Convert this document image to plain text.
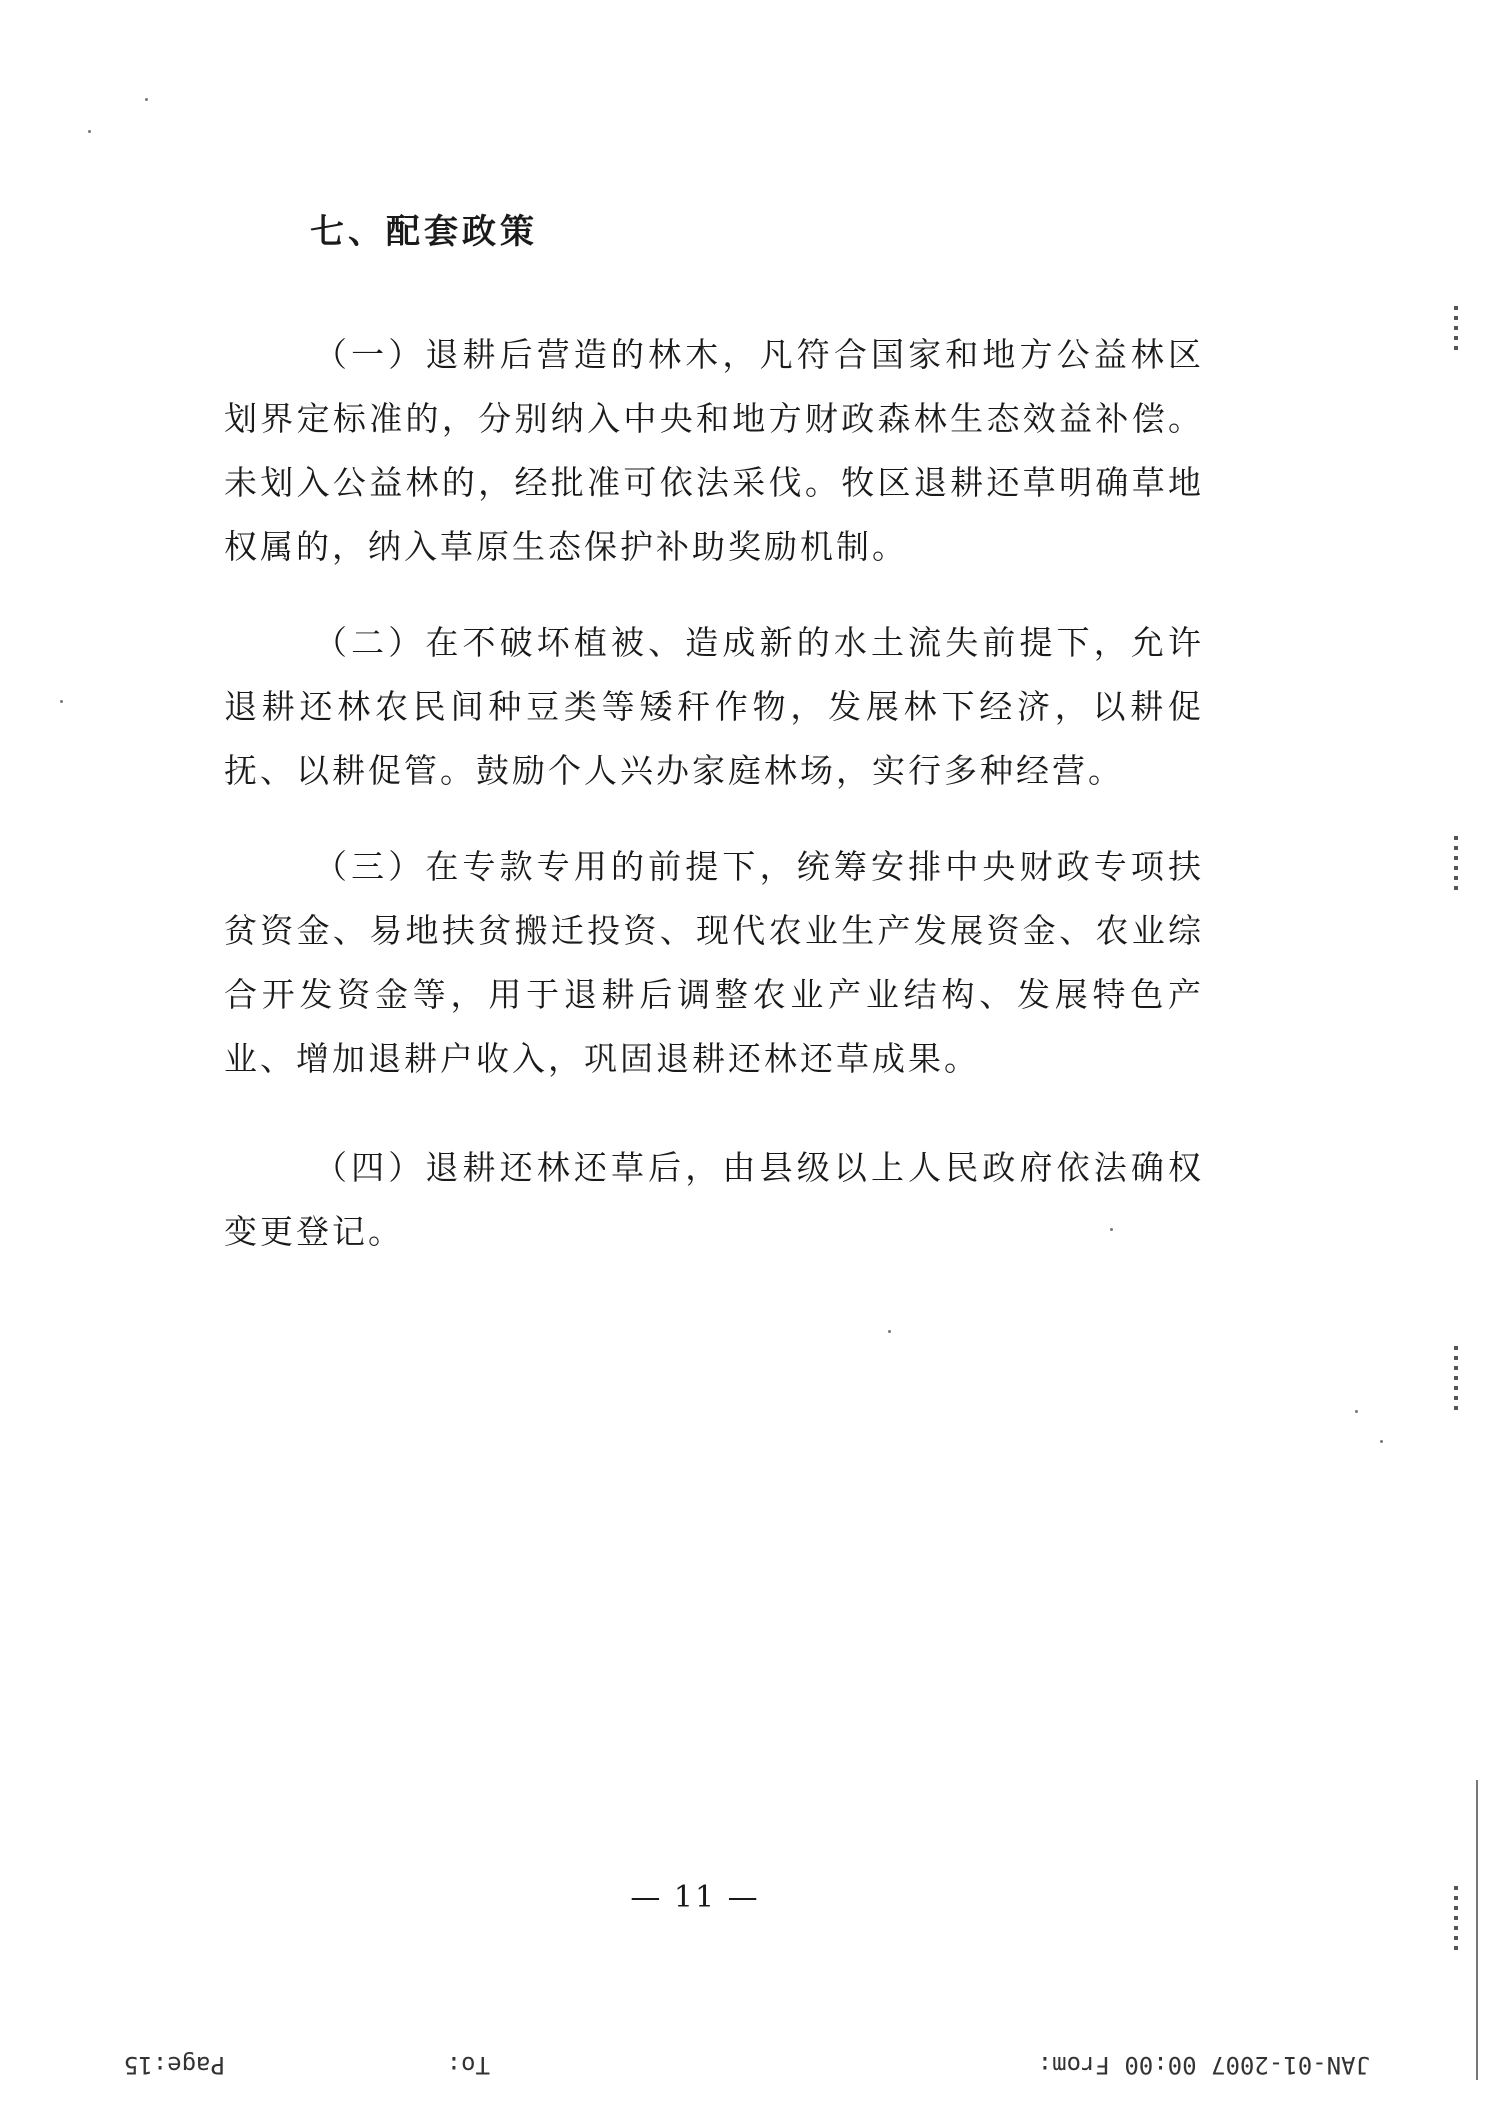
七、配套政策

（一）退耕后营造的林木，凡符合国家和地方公益林区划界定标准的，分别纳入中央和地方财政森林生态效益补偿。未划入公益林的，经批准可依法采伐。牧区退耕还草明确草地权属的，纳入草原生态保护补助奖励机制。

（二）在不破坏植被、造成新的水土流失前提下，允许退耕还林农民间种豆类等矮秆作物，发展林下经济，以耕促抚、以耕促管。鼓励个人兴办家庭林场，实行多种经营。

（三）在专款专用的前提下，统筹安排中央财政专项扶贫资金、易地扶贫搬迁投资、现代农业生产发展资金、农业综合开发资金等，用于退耕后调整农业产业结构、发展特色产业、增加退耕户收入，巩固退耕还林还草成果。

（四）退耕还林还草后，由县级以上人民政府依法确权变更登记。

— 11 —
JAN-01-2007 00:00 From:
To:
Page:15
